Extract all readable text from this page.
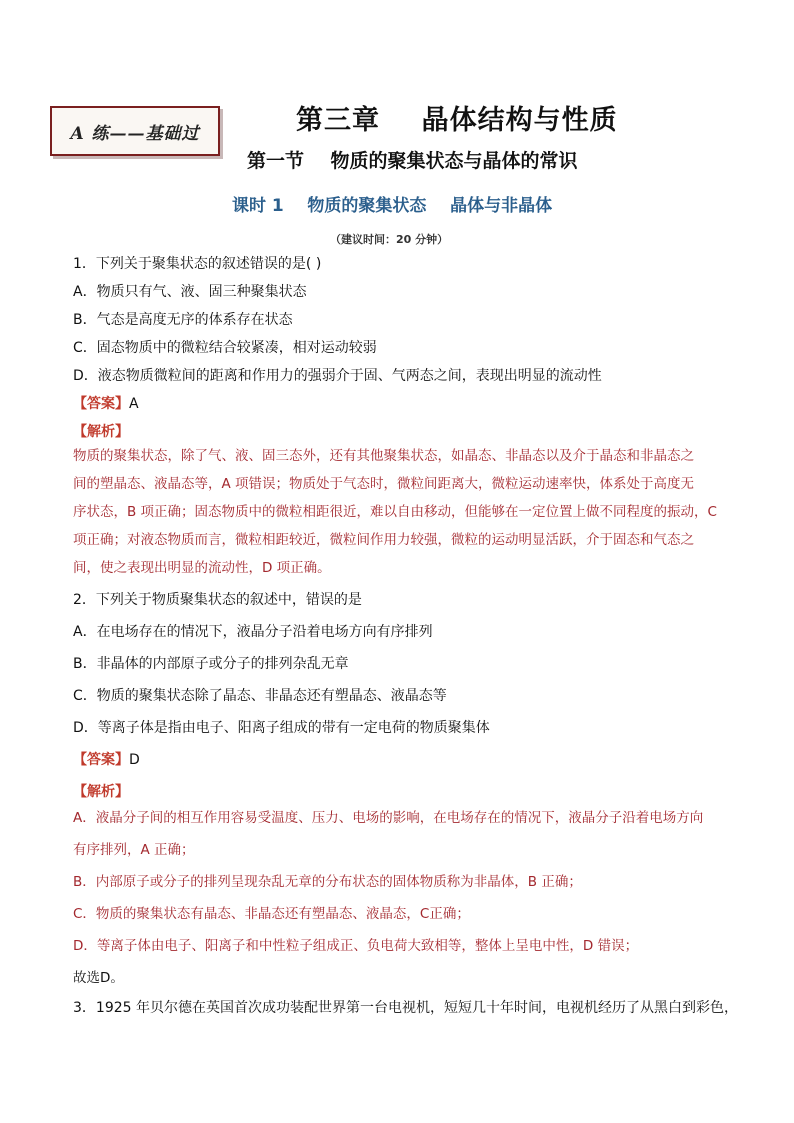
A 练——基础过	第三章    晶体结构与性质
第一节    物质的聚集状态与晶体的常识
课时 1    物质的聚集状态    晶体与非晶体
（建议时间：20 分钟）
1．下列关于聚集状态的叙述错误的是( )
A．物质只有气、液、固三种聚集状态
B．气态是高度无序的体系存在状态
C．固态物质中的微粒结合较紧凑，相对运动较弱
D．液态物质微粒间的距离和作用力的强弱介于固、气两态之间，表现出明显的流动性
【答案】A
【解析】
物质的聚集状态，除了气、液、固三态外，还有其他聚集状态，如晶态、非晶态以及介于晶态和非晶态之
间的塑晶态、液晶态等，A 项错误；物质处于气态时，微粒间距离大，微粒运动速率快，体系处于高度无
序状态，B 项正确；固态物质中的微粒相距很近，难以自由移动，但能够在一定位置上做不同程度的振动，C
项正确；对液态物质而言，微粒相距较近，微粒间作用力较强，微粒的运动明显活跃，介于固态和气态之
间，使之表现出明显的流动性，D 项正确。
2．下列关于物质聚集状态的叙述中，错误的是
A．在电场存在的情况下，液晶分子沿着电场方向有序排列
B．非晶体的内部原子或分子的排列杂乱无章
C．物质的聚集状态除了晶态、非晶态还有塑晶态、液晶态等
D．等离子体是指由电子、阳离子组成的带有一定电荷的物质聚集体
【答案】D
【解析】
A．液晶分子间的相互作用容易受温度、压力、电场的影响，在电场存在的情况下，液晶分子沿着电场方向
有序排列，A 正确；
B．内部原子或分子的排列呈现杂乱无章的分布状态的固体物质称为非晶体，B 正确；
C．物质的聚集状态有晶态、非晶态还有塑晶态、液晶态，C正确；
D．等离子体由电子、阳离子和中性粒子组成正、负电荷大致相等，整体上呈电中性，D 错误；
故选D。
3．1925 年贝尔德在英国首次成功装配世界第一台电视机，短短几十年时间，电视机经历了从黑白到彩色，
